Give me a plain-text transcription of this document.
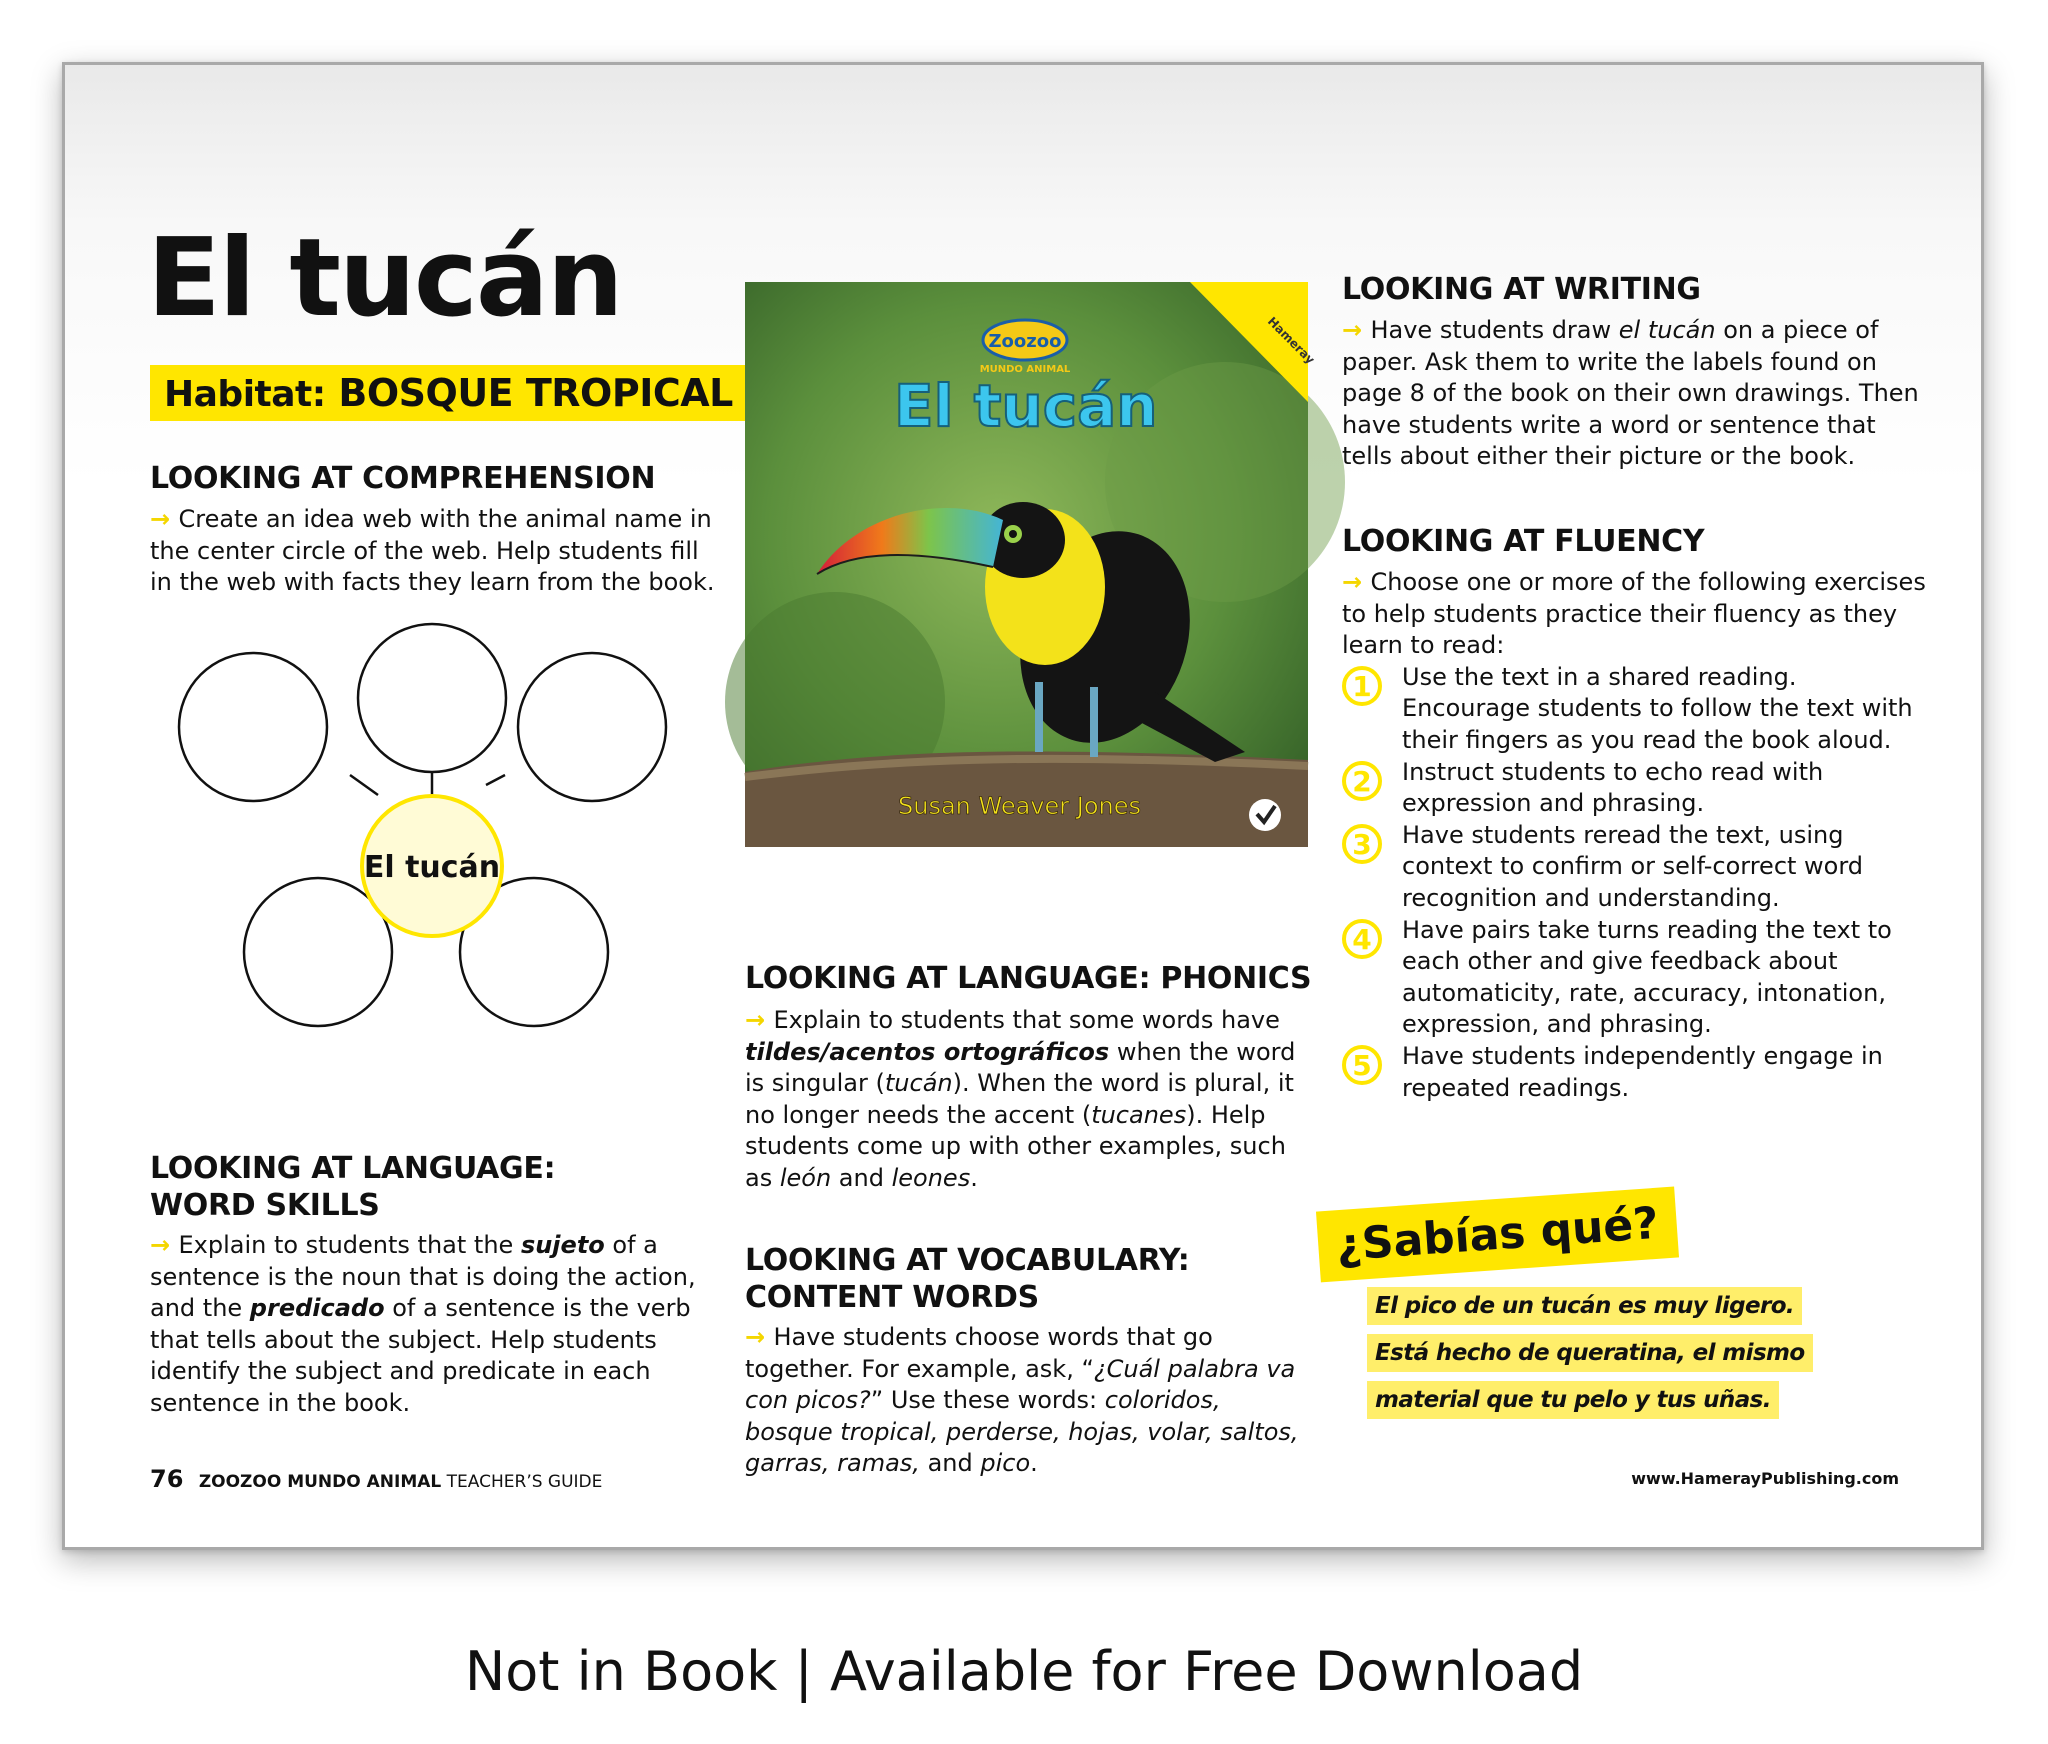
El tucán
Habitat: BOSQUE TROPICAL
LOOKING AT COMPREHENSION

→ Create an idea web with the animal name in the center circle of the web. Help students fill in the web with facts they learn from the book.

El tucán
LOOKING AT LANGUAGE:
WORD SKILLS

→ Explain to students that the sujeto of a sentence is the noun that is doing the action, and the predicado of a sentence is the verb that tells about the subject. Help students identify the subject and predicate in each sentence in the book.

El tucán
Zoozoo
MUNDO ANIMAL
Hameray
Susan Weaver Jones
LOOKING AT LANGUAGE: PHONICS

→ Explain to students that some words have tildes/acentos ortográficos when the word is singular (tucán). When the word is plural, it no longer needs the accent (tucanes). Help students come up with other examples, such as león and leones.

LOOKING AT VOCABULARY:
CONTENT WORDS

→ Have students choose words that go together. For example, ask, “¿Cuál palabra va con picos?” Use these words: coloridos, bosque tropical, perderse, hojas, volar, saltos, garras, ramas, and pico.

LOOKING AT WRITING

→ Have students draw el tucán on a piece of paper. Ask them to write the labels found on page 8 of the book on their own drawings. Then have students write a word or sentence that tells about either their picture or the book.

LOOKING AT FLUENCY

→ Choose one or more of the following exercises to help students practice their fluency as they learn to read:

1	Use the text in a shared reading. Encourage students to follow the text with their fingers as you read the book aloud.
2	Instruct students to echo read with expression and phrasing.
3	Have students reread the text, using context to confirm or self-correct word recognition and understanding.
4	Have pairs take turns reading the text to each other and give feedback about automaticity, rate, accuracy, intonation, expression, and phrasing.
5	Have students independently engage in repeated readings.
¿Sabías qué?
El pico de un tucán es muy ligero.
Está hecho de queratina, el mismo
material que tu pelo y tus uñas.
76 ZOOZOO MUNDO ANIMAL TEACHER’S GUIDE	www.HamerayPublishing.com
Not in Book | Available for Free Download
